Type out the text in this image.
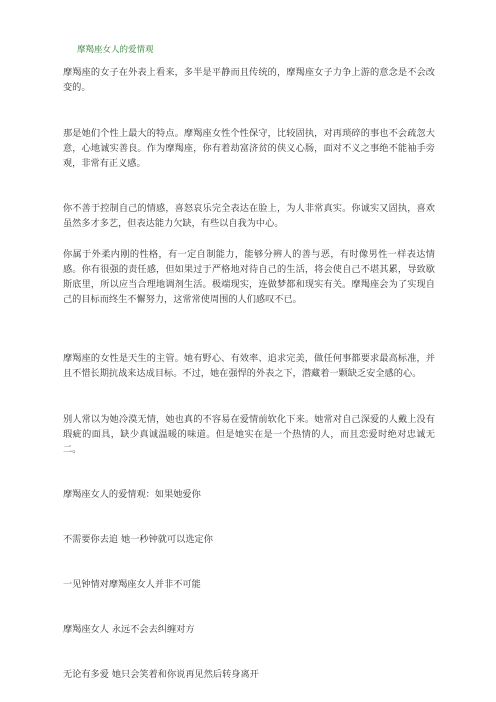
摩羯座女人的爱情观

摩羯座的女子在外表上看来，多半是平静而且传统的，摩羯座女子力争上游的意念是不会改变的。

那是她们个性上最大的特点。摩羯座女性个性保守，比较固执，对再琐碎的事也不会疏忽大意，心地诚实善良。作为摩羯座，你有着劫富济贫的侠义心肠，面对不义之事绝不能袖手旁观，非常有正义感。

你不善于控制自己的情感，喜怒哀乐完全表达在脸上，为人非常真实。你诚实又固执，喜欢虽然多才多艺，但表达能力欠缺，有些以自我为中心。

你属于外柔内刚的性格，有一定自制能力，能够分辨人的善与恶，有时像男性一样表达情感。你有很强的责任感，但如果过于严格地对待自己的生活，将会使自己不堪其累，导致歇斯底里，所以应当合理地调剂生活。极端现实，连做梦都和现实有关。摩羯座会为了实现自己的目标而终生不懈努力，这常常使周围的人们感叹不已。

摩羯座的女性是天生的主管。她有野心、有效率、追求完美，做任何事都要求最高标准，并且不惜长期抗战来达成目标。不过，她在强悍的外表之下，潜藏着一颗缺乏安全感的心。

别人常以为她冷漠无情，她也真的不容易在爱情前软化下来。她常对自己深爱的人戴上没有瑕疵的面具，缺少真诚温暖的味道。但是她实在是一个热情的人，而且恋爱时绝对忠诚无二。

摩羯座女人的爱情观：如果她爱你

不需要你去追 她一秒钟就可以选定你

一见钟情对摩羯座女人并非不可能

摩羯座女人 永远不会去纠缠对方

无论有多爱 她只会笑着和你说再见然后转身离开
